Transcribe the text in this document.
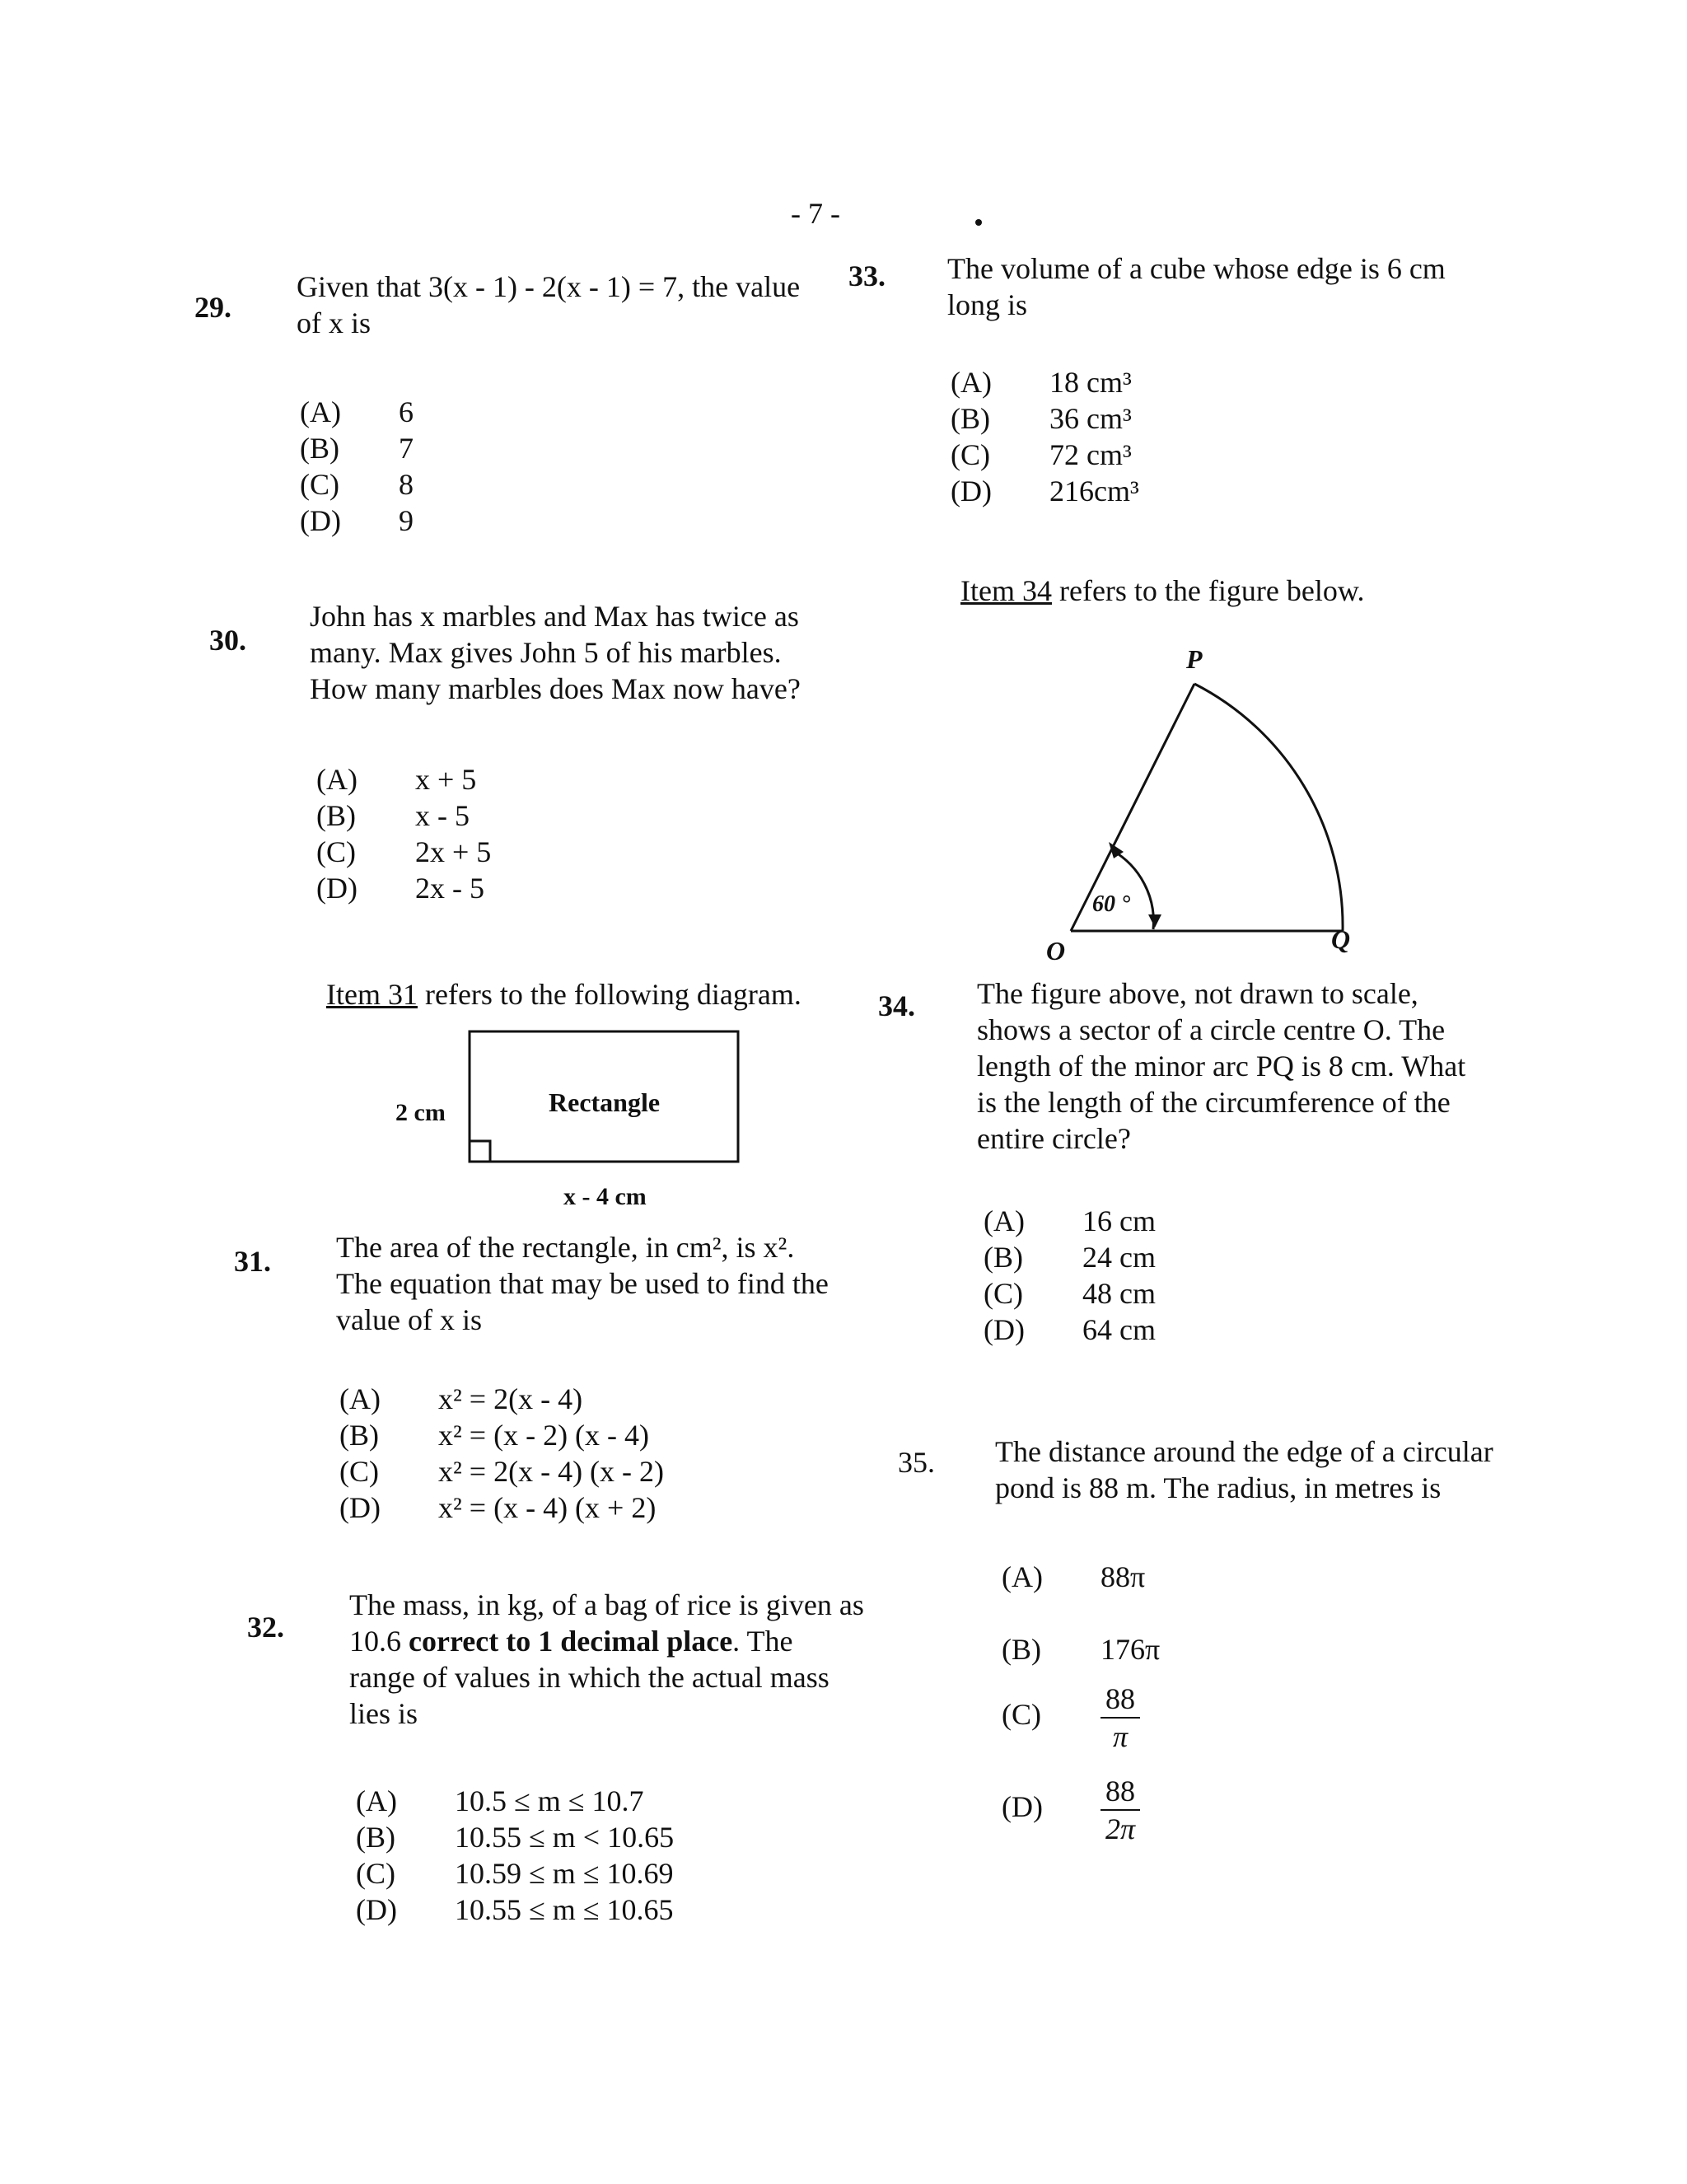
- 7 -
29.
Given that 3(x - 1) - 2(x - 1) = 7, the value
of x is
(A) 6
(B) 7
(C) 8
(D) 9
30.
John has x marbles and Max has twice as
many. Max gives John 5 of his marbles.
How many marbles does Max now have?
(A) x + 5
(B) x - 5
(C) 2x + 5
(D) 2x - 5
Item 31 refers to the following diagram.
2 cm	Rectangle
x - 4 cm
31. The area of the rectangle, in cm², is x².
The equation that may be used to find the
value of x is
(A) x² = 2(x - 4)
(B) x² = (x - 2) (x - 4)
(C) x² = 2(x - 4) (x - 2)
(D) x² = (x - 4) (x + 2)
32.
The mass, in kg, of a bag of rice is given as
10.6 correct to 1 decimal place. The
range of values in which the actual mass
lies is
(A) 10.5 ≤ m ≤ 10.7
(B) 10.55 ≤ m < 10.65
(C) 10.59 ≤ m ≤ 10.69
(D) 10.55 ≤ m ≤ 10.65
33. The volume of a cube whose edge is 6 cm
long is
(A) 18 cm³
(B) 36 cm³
(C) 72 cm³
(D) 216cm³
Item 34 refers to the figure below.
P
O	Q
60 °
34. The figure above, not drawn to scale,
shows a sector of a circle centre O. The
length of the minor arc PQ is 8 cm. What
is the length of the circumference of the
entire circle?
(A) 16 cm
(B) 24 cm
(C) 48 cm
(D) 64 cm
35. The distance around the edge of a circular
pond is 88 m. The radius, in metres is
(A) 88π
(B) 176π
$(C) \frac{88}{\pi}$
$(D) \frac{88}{2\pi}$
